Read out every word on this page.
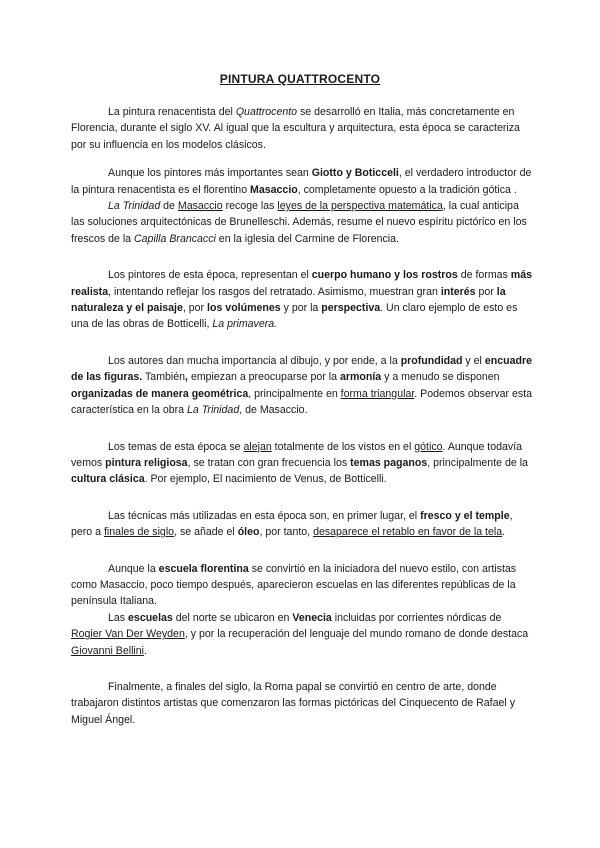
PINTURA QUATTROCENTO

La pintura renacentista del Quattrocento se desarrolló en Italia, más concretamente en Florencia, durante el siglo XV. Al igual que la escultura y arquitectura, esta época se caracteriza por su influencia en los modelos clásicos.

Aunque los pintores más importantes sean Giotto y Boticceli, el verdadero introductor de la pintura renacentista es el florentino Masaccio, completamente opuesto a la tradición gótica .

La Trinidad de Masaccio recoge las leyes de la perspectiva matemática, la cual anticipa las soluciones arquitectónicas de Brunelleschi. Además, resume el nuevo espíritu pictórico en los frescos de la Capilla Brancacci en la iglesia del Carmine de Florencia.

Los pintores de esta época, representan el cuerpo humano y los rostros de formas más realista, intentando reflejar los rasgos del retratado. Asimismo, muestran gran interés por la naturaleza y el paisaje, por los volúmenes y por la perspectiva. Un claro ejemplo de esto es una de las obras de Botticelli, La primavera.

Los autores dan mucha importancia al dibujo, y por ende, a la profundidad y el encuadre de las figuras. También, empiezan a preocuparse por la armonía y a menudo se disponen organizadas de manera geométrica, principalmente en forma triangular. Podemos observar esta característica en la obra La Trinidad, de Masaccio.

Los temas de esta época se alejan totalmente de los vistos en el gótico. Aunque todavía vemos pintura religiosa, se tratan con gran frecuencia los temas paganos, principalmente de la cultura clásica. Por ejemplo, El nacimiento de Venus, de Botticelli.

Las técnicas más utilizadas en esta época son, en primer lugar, el fresco y el temple, pero a finales de siglo, se añade el óleo, por tanto, desaparece el retablo en favor de la tela.

Aunque la escuela florentina se convirtió en la iniciadora del nuevo estilo, con artistas como Masaccio, poco tiempo después, aparecieron escuelas en las diferentes repúblicas de la península Italiana.

Las escuelas del norte se ubicaron en Venecia incluidas por corrientes nórdicas de Rogier Van Der Weyden, y por la recuperación del lenguaje del mundo romano de donde destaca Giovanni Bellini.

Finalmente, a finales del siglo, la Roma papal se convirtió en centro de arte, donde trabajaron distintos artistas que comenzaron las formas pictóricas del Cinquecento de Rafael y Miguel Ángel.
